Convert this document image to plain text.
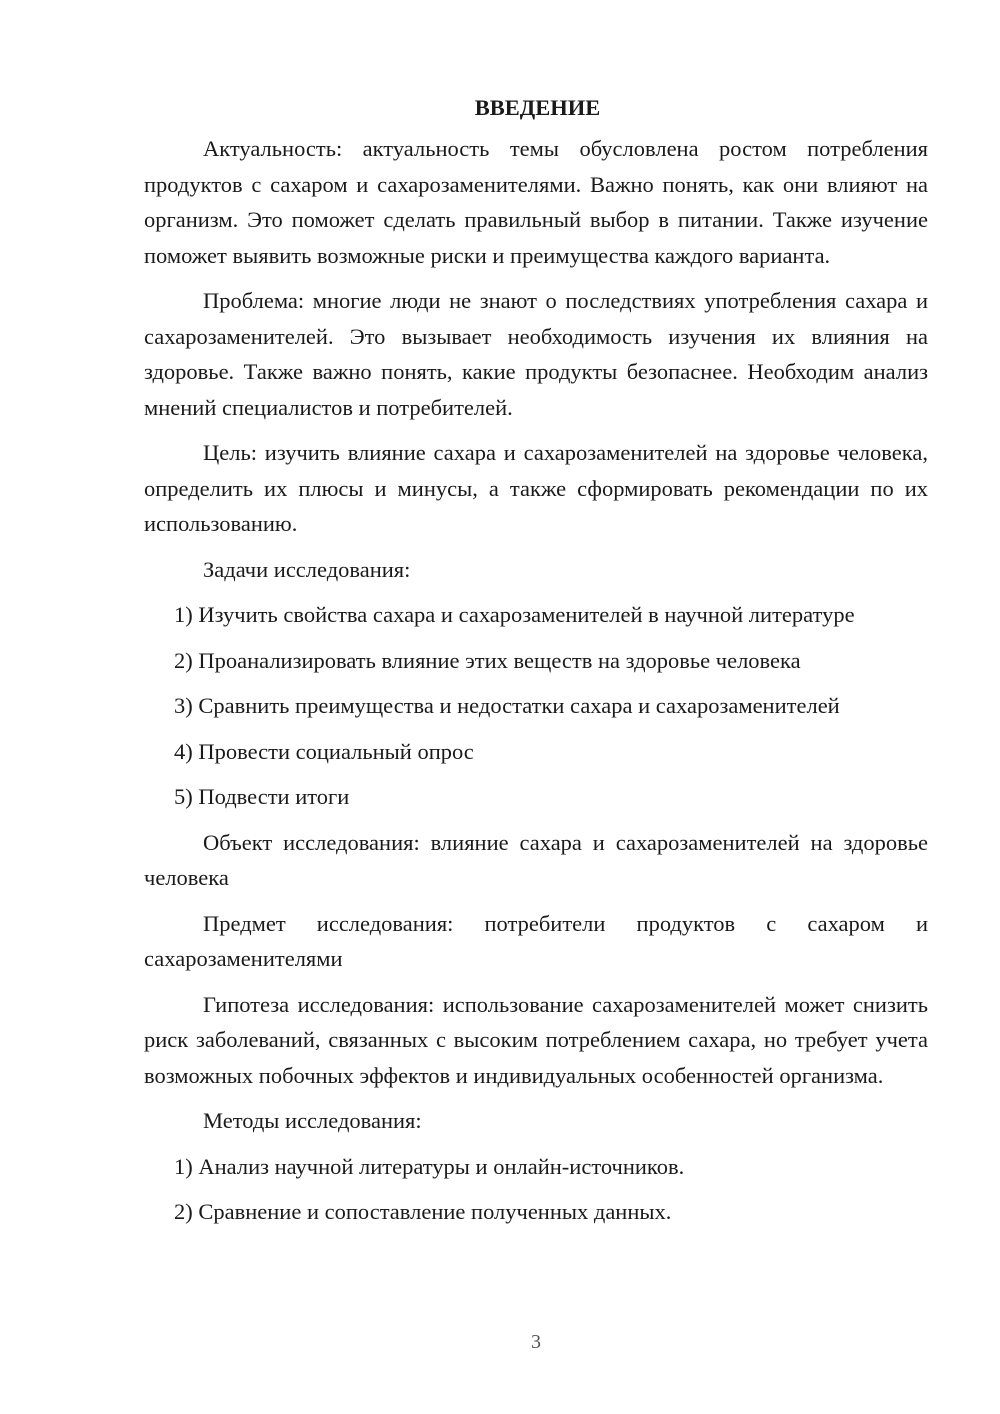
ВВЕДЕНИЕ

Актуальность: актуальность темы обусловлена ростом потребления продуктов с сахаром и сахарозаменителями. Важно понять, как они влияют на организм. Это поможет сделать правильный выбор в питании. Также изучение поможет выявить возможные риски и преимущества каждого варианта.

Проблема: многие люди не знают о последствиях употребления сахара и сахарозаменителей. Это вызывает необходимость изучения их влияния на здоровье. Также важно понять, какие продукты безопаснее. Необходим анализ мнений специалистов и потребителей.

Цель: изучить влияние сахара и сахарозаменителей на здоровье человека, определить их плюсы и минусы, а также сформировать рекомендации по их использованию.

Задачи исследования:

1) Изучить свойства сахара и сахарозаменителей в научной литературе

2) Проанализировать влияние этих веществ на здоровье человека

3) Сравнить преимущества и недостатки сахара и сахарозаменителей

4) Провести социальный опрос

5) Подвести итоги

Объект исследования: влияние сахара и сахарозаменителей на здоровье человека

Предмет исследования: потребители продуктов с сахаром и сахарозаменителями

Гипотеза исследования: использование сахарозаменителей может снизить риск заболеваний, связанных с высоким потреблением сахара, но требует учета возможных побочных эффектов и индивидуальных особенностей организма.

Методы исследования:

1) Анализ научной литературы и онлайн-источников.

2) Сравнение и сопоставление полученных данных.

3
